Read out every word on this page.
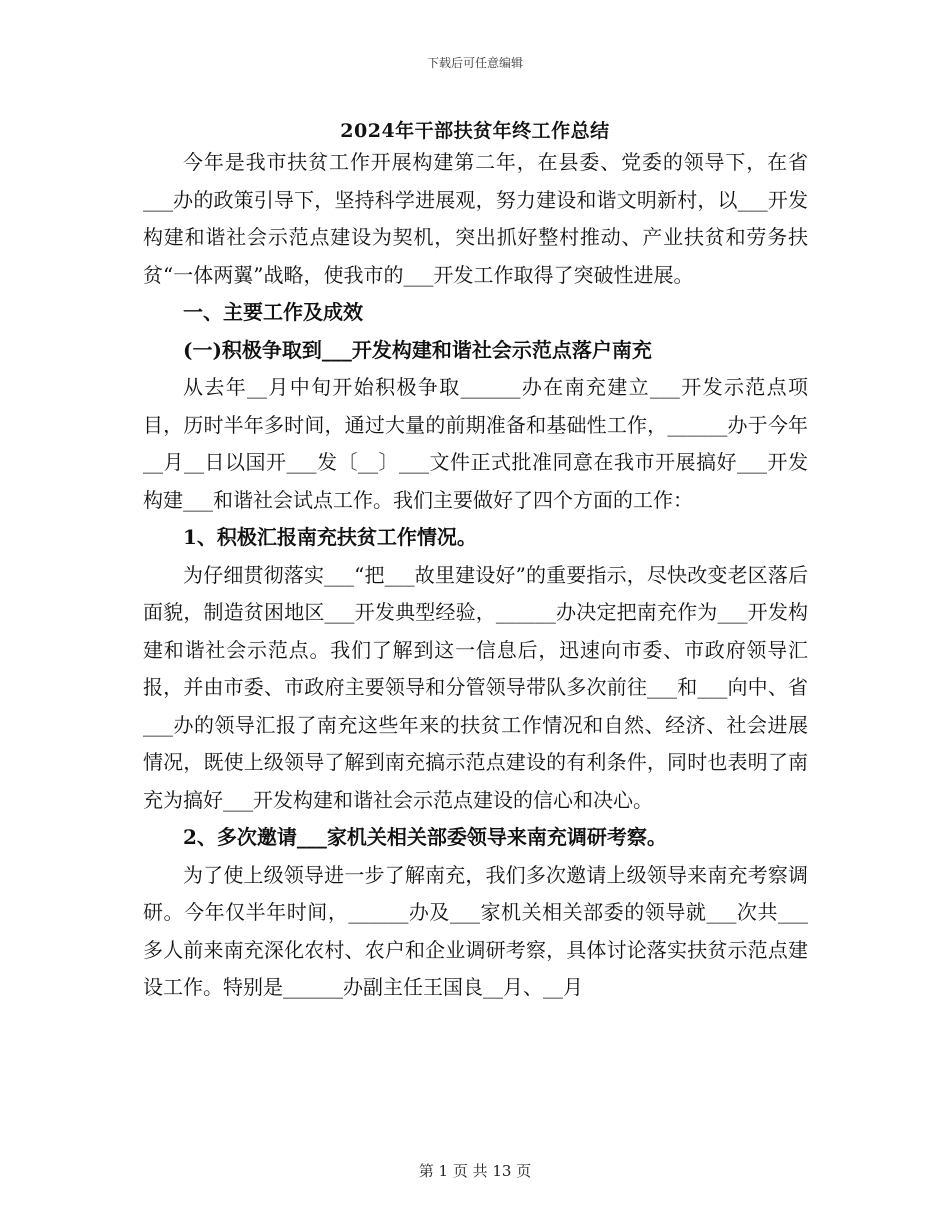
下载后可任意编辑
2024年干部扶贫年终工作总结

今年是我市扶贫工作开展构建第二年，在县委、党委的领导下，在省___办的政策引导下，坚持科学进展观，努力建设和谐文明新村，以___开发构建和谐社会示范点建设为契机，突出抓好整村推动、产业扶贫和劳务扶贫“一体两翼”战略，使我市的___开发工作取得了突破性进展。

一、主要工作及成效

(一)积极争取到___开发构建和谐社会示范点落户南充

从去年__月中旬开始积极争取______办在南充建立___开发示范点项目，历时半年多时间，通过大量的前期准备和基础性工作，______办于今年__月__日以国开___发〔__〕___文件正式批准同意在我市开展搞好___开发构建___和谐社会试点工作。我们主要做好了四个方面的工作：

1、积极汇报南充扶贫工作情况。

为仔细贯彻落实___“把___故里建设好”的重要指示，尽快改变老区落后面貌，制造贫困地区___开发典型经验，______办决定把南充作为___开发构建和谐社会示范点。我们了解到这一信息后，迅速向市委、市政府领导汇报，并由市委、市政府主要领导和分管领导带队多次前往___和___向中、省___办的领导汇报了南充这些年来的扶贫工作情况和自然、经济、社会进展情况，既使上级领导了解到南充搞示范点建设的有利条件，同时也表明了南充为搞好___开发构建和谐社会示范点建设的信心和决心。

2、多次邀请___家机关相关部委领导来南充调研考察。

为了使上级领导进一步了解南充，我们多次邀请上级领导来南充考察调研。今年仅半年时间，______办及___家机关相关部委的领导就___次共___多人前来南充深化农村、农户和企业调研考察，具体讨论落实扶贫示范点建设工作。特别是______办副主任王国良__月、__月

第 1 页 共 13 页
